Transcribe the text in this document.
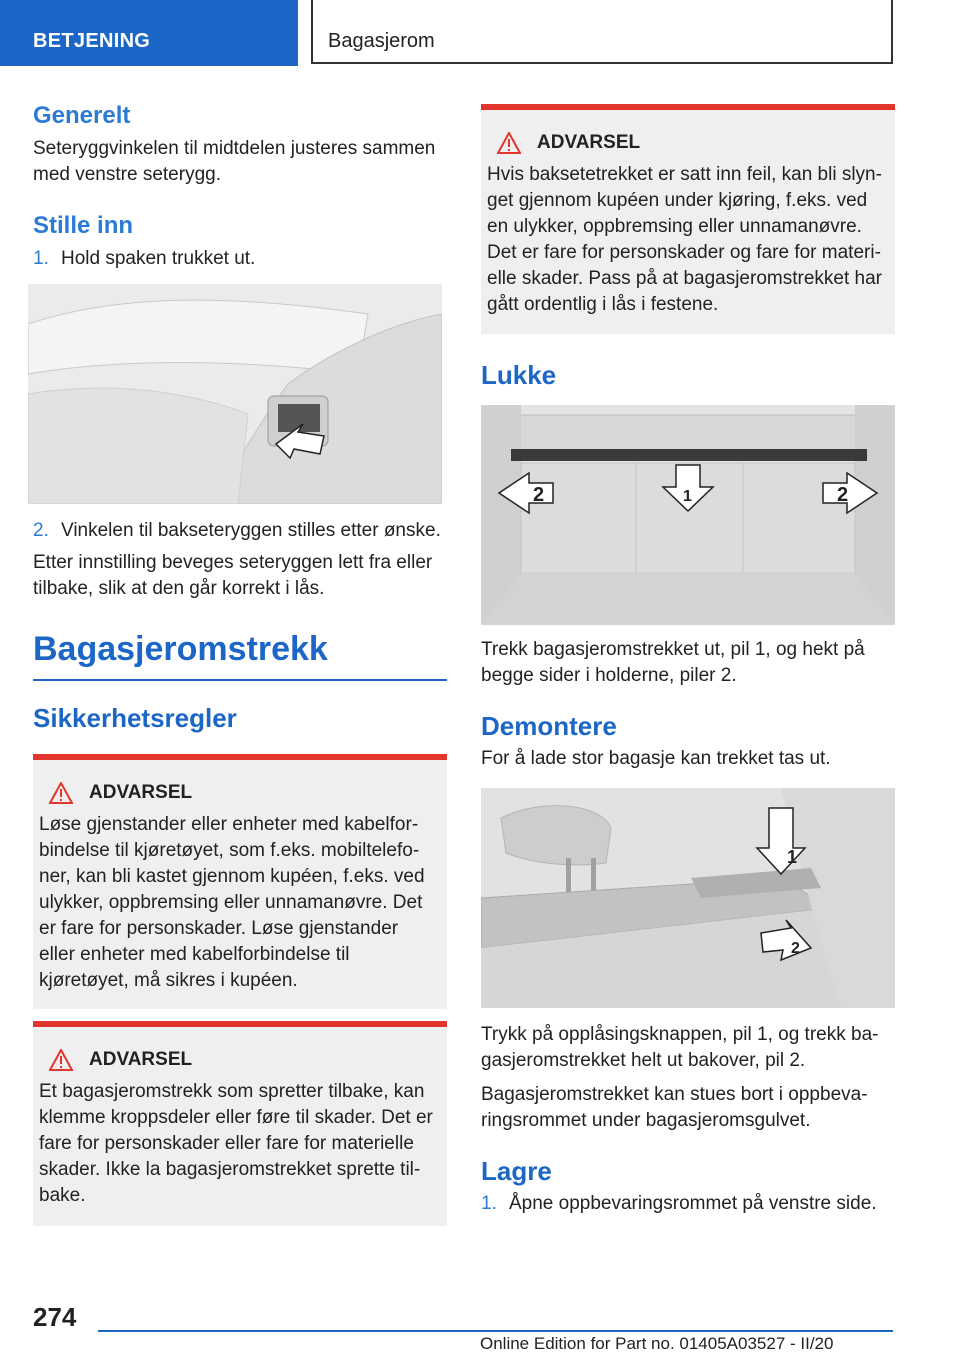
BETJENING	Bagasjerom
Generelt

Seteryggvinkelen til midtdelen justeres sammen med venstre seterygg.

Stille inn

1. Hold spaken trukket ut.

2. Vinkelen til bakseteryggen stilles etter ønske.

Etter innstilling beveges seteryggen lett fra eller tilbake, slik at den går korrekt i lås.

Bagasjeromstrekk
Sikkerhetsregler
ADVARSEL

Løse gjenstander eller enheter med kabelforbindelse til kjøretøyet, som f.eks. mobiltelefoner, kan bli kastet gjennom kupéen, f.eks. ved ulykker, oppbremsing eller unnamanøvre. Det er fare for personskader. Løse gjenstander eller enheter med kabelforbindelse til kjøretøyet, må sikres i kupéen.

ADVARSEL

Et bagasjeromstrekk som spretter tilbake, kan klemme kroppsdeler eller føre til skader. Det er fare for personskader eller fare for materielle skader. Ikke la bagasjeromstrekket sprette tilbake.

ADVARSEL

Hvis baksetetrekket er satt inn feil, kan bli slynget gjennom kupéen under kjøring, f.eks. ved en ulykker, oppbremsing eller unnamanøvre. Det er fare for personskader og fare for materielle skader. Pass på at bagasjeromstrekket har gått ordentlig i lås i festene.

Lukke
2	2
1

Trekk bagasjeromstrekket ut, pil 1, og hekt på begge sider i holderne, piler 2.

Demontere

For å lade stor bagasje kan trekket tas ut.

1
2

Trykk på opplåsingsknappen, pil 1, og trekk bagasjeromstrekket helt ut bakover, pil 2.

Bagasjeromstrekket kan stues bort i oppbevaringsrommet under bagasjeromsgulvet.

Lagre

1. Åpne oppbevaringsrommet på venstre side.

274
Online Edition for Part no. 01405A03527 - II/20
